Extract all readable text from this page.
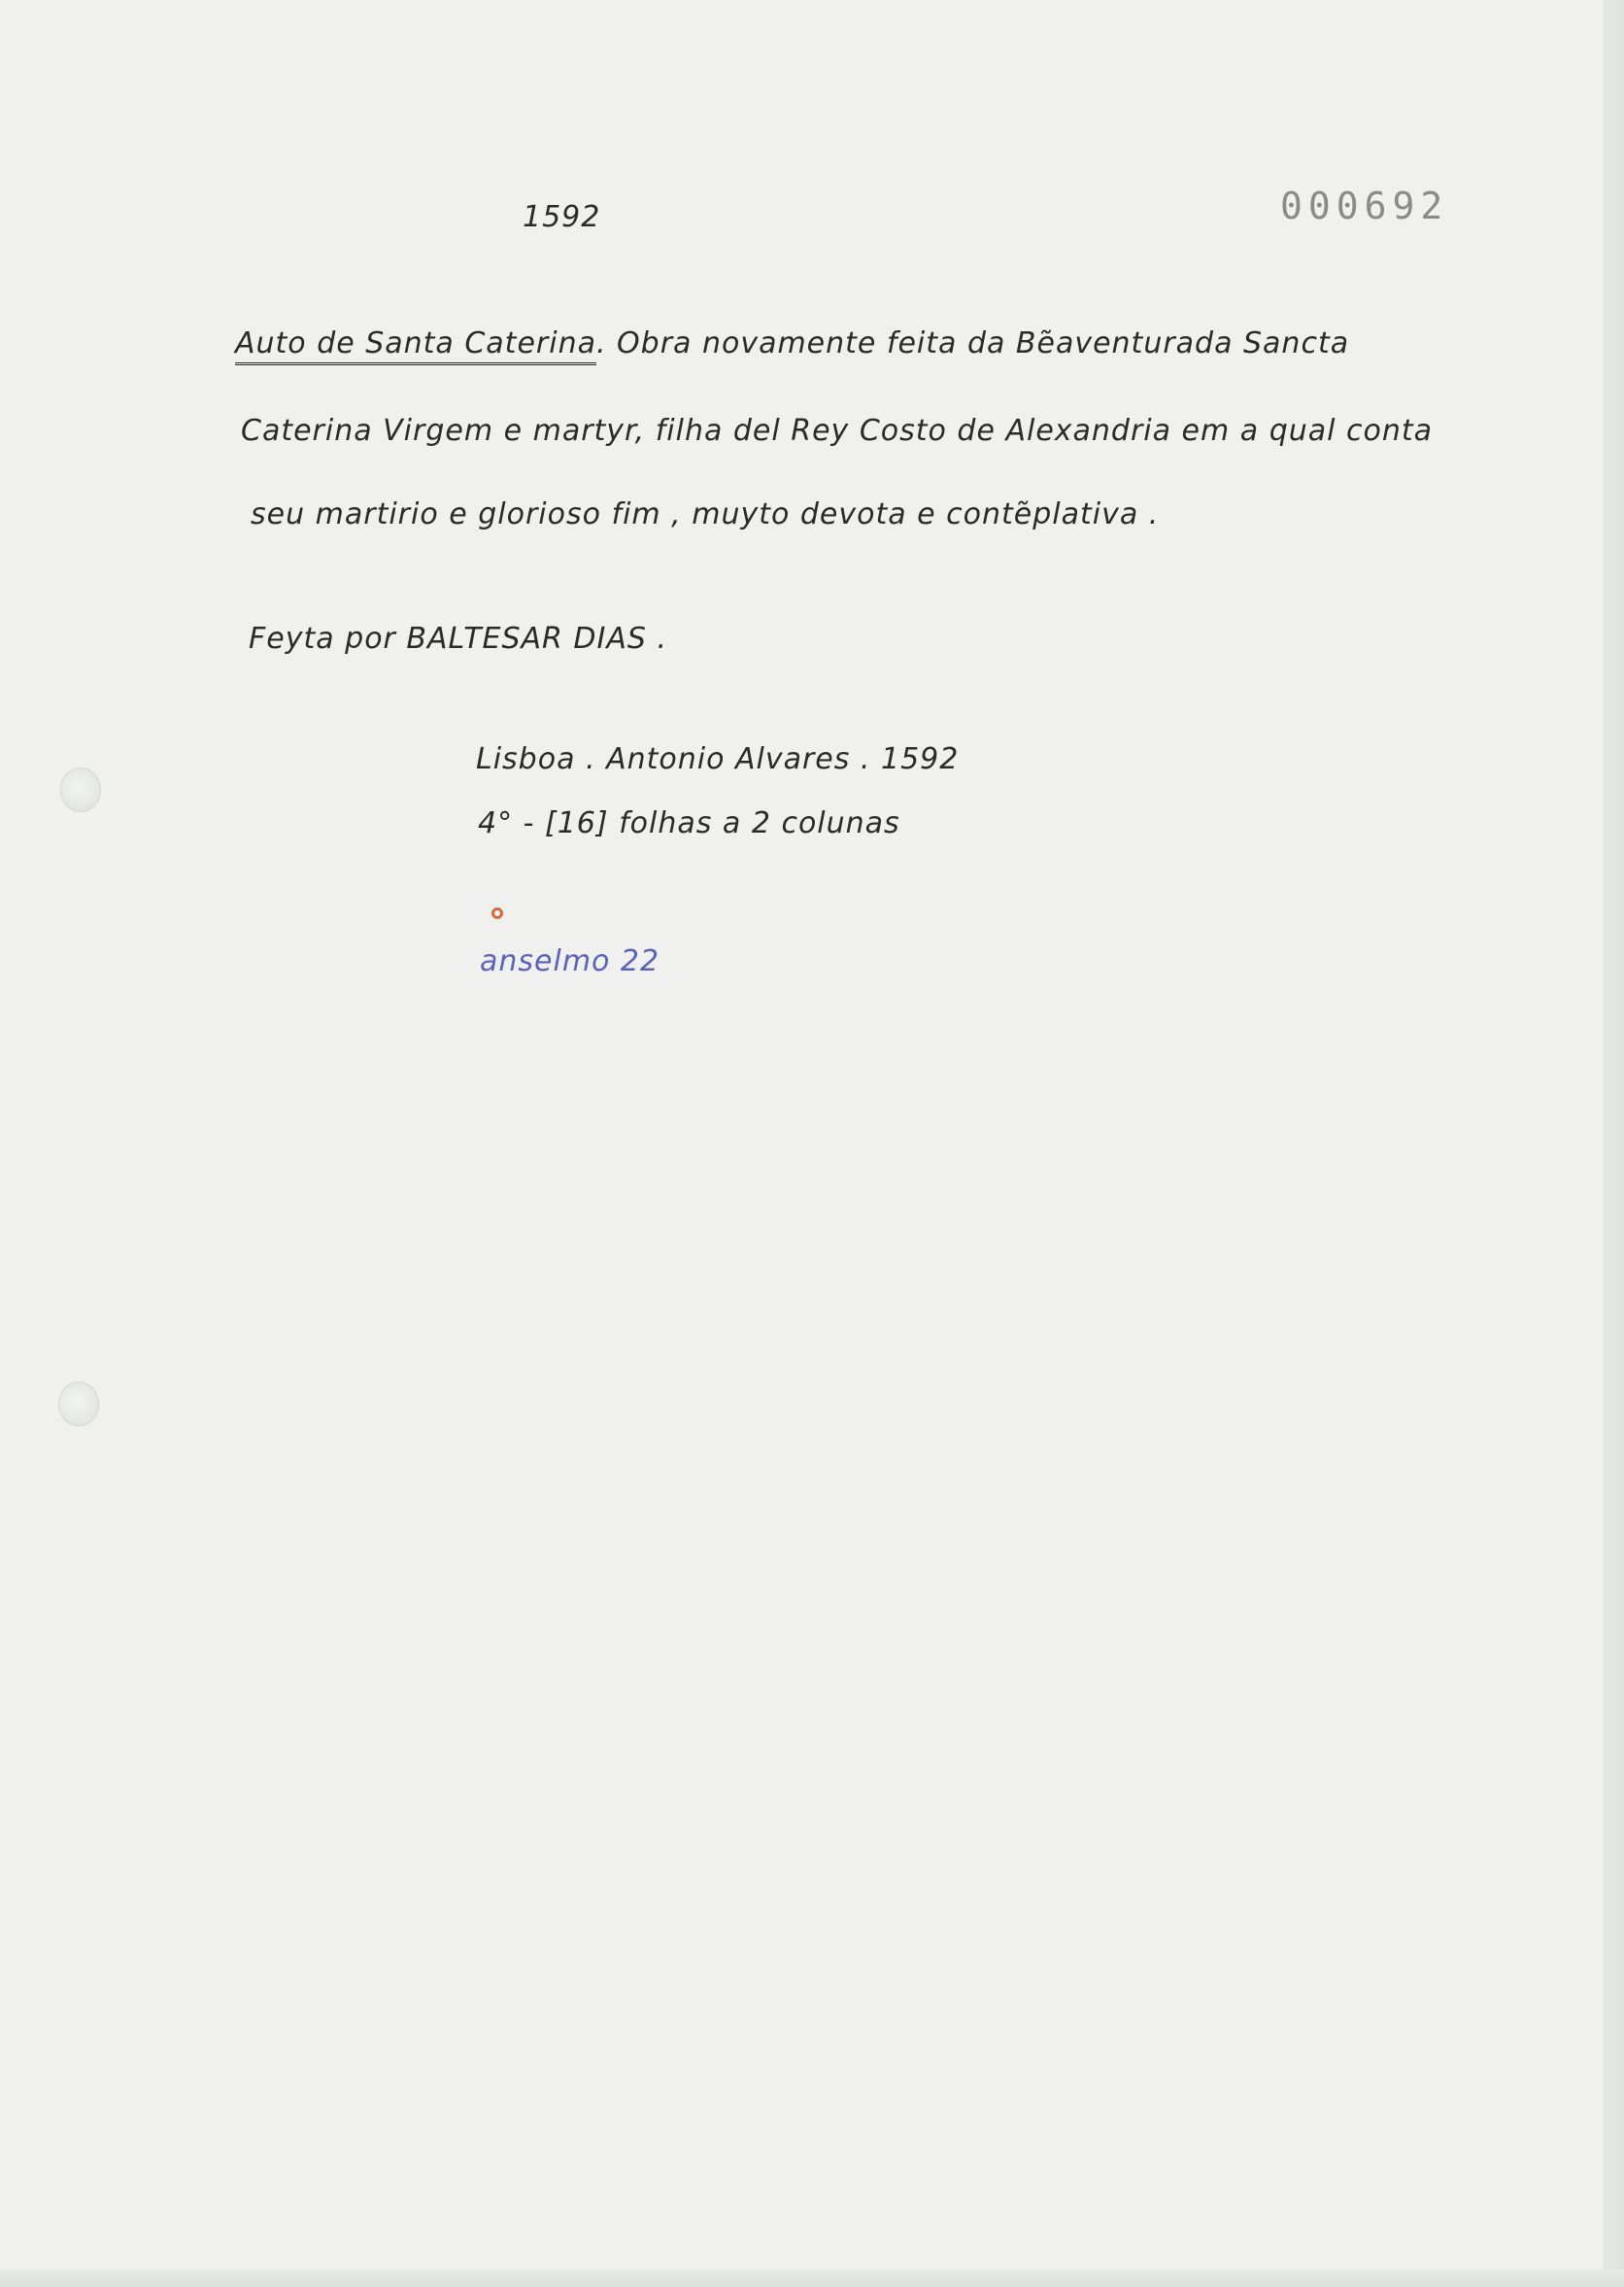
1592	000692
Auto de Santa Caterina. Obra novamente feita da Bẽaventurada Sancta
Caterina Virgem e martyr, filha del Rey Costo de Alexandria em a qual conta
seu martirio e glorioso fim , muyto devota e contẽplativa .
Feyta por BALTESAR DIAS .
Lisboa . Antonio Alvares . 1592
4° - [16] folhas a 2 colunas
anselmo 22
